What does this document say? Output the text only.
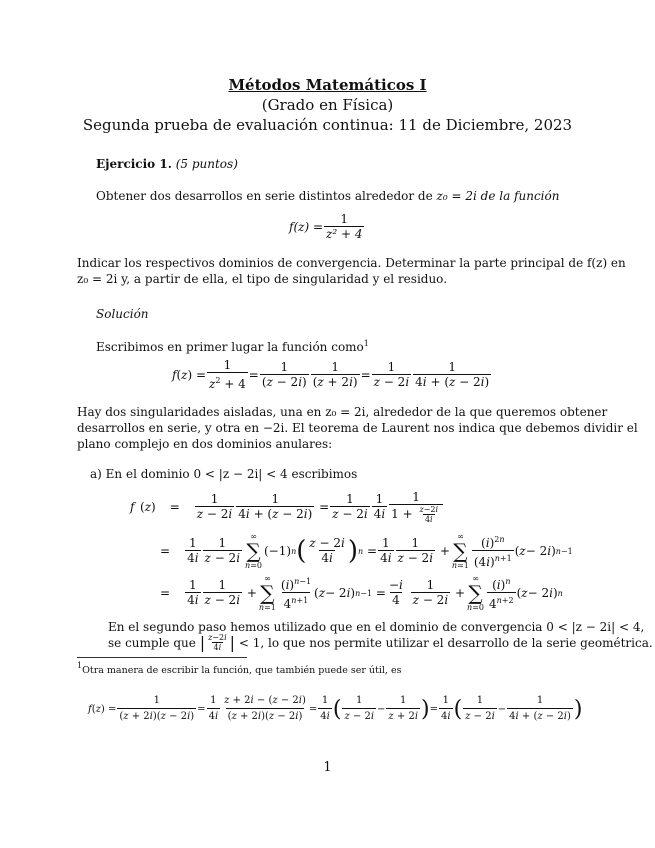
Métodos Matemáticos I
(Grado en Física)
Segunda prueba de evaluación continua: 11 de Diciembre, 2023
Ejercicio 1. (5 puntos)
Obtener dos desarrollos en serie distintos alrededor de z₀ = 2i de la función
$f(z) = \frac{1}{\text{z² + 4}}$
Indicar los respectivos dominios de convergencia. Determinar la parte principal de f(z) en
z₀ = 2i y, a partir de ella, el tipo de singularidad y el residuo.
Solución
Escribimos en primer lugar la función como$^1$
f ( z ) = $\frac{1}{z^2 + 4} = \frac{1}{(z - 2i)} \frac{1}{(z + 2i)} = \frac{1}{z - 2i} \frac{1}{4i + (z - 2i)}$
Hay dos singularidades aisladas, una en z₀ = 2i, alrededor de la que queremos obtener
desarrollos en serie, y otra en −2i. El teorema de Laurent nos indica que debemos dividir el
plano complejo en dos dominios anulares:
a) En el dominio 0 < |z − 2i| < 4 escribimos
f $(z) = \frac{1}{z - 2i} \frac{1}{4i + (z - 2i)} = \frac{1}{z - 2i} \frac{1}{4i} \frac{1}{1 + \frac{z-2i}{4i}}$
= $\frac{1}{4i} \frac{1}{z - 2i}$ ∞
∑
n=0
(−1) n ( $\frac{z - 2i}{4i}$ ) $n = \frac{1}{4i} \frac{1}{z - 2i}$ +
∞
∑
$n=1 \frac{(i)^{2n}}{(4i)^{n+1}}$ ( z − 2 i ) n−1
= $\frac{1}{4i} \frac{1}{z - 2i}$ +
∞
∑
$n=1 \frac{(i)^{n-1}}{4^{n+1}}$ ( z − 2 i ) $n-1 = \frac{-i}{4}$
$\frac{1}{z - 2i}$ +
∞
∑
$n=0 \frac{(i)^n}{4^{n+2}}$ ( z − 2 i ) n
En el segundo paso hemos utilizado que en el dominio de convergencia 0 < |z − 2i| < 4,
se cumple que
| $\frac{z-2i}{4i}$ |
< 1, lo que nos permite utilizar el desarrollo de la serie geométrica.
$^1$Otra manera de escribir la función, que también puede ser útil, es
f ( z ) = $\frac{1}{(z + 2i)(z - 2i)} = \frac{1}{4i} \frac{z + 2i - (z - 2i)}{(z + 2i)(z - 2i)} = \frac{1}{4i}$ ( $\frac{1}{z - 2i} - \frac{1}{z + 2i}$ ) = $\frac{1}{4i}$ ( $\frac{1}{z - 2i} - \frac{1}{4i + (z - 2i)}$ )
1
